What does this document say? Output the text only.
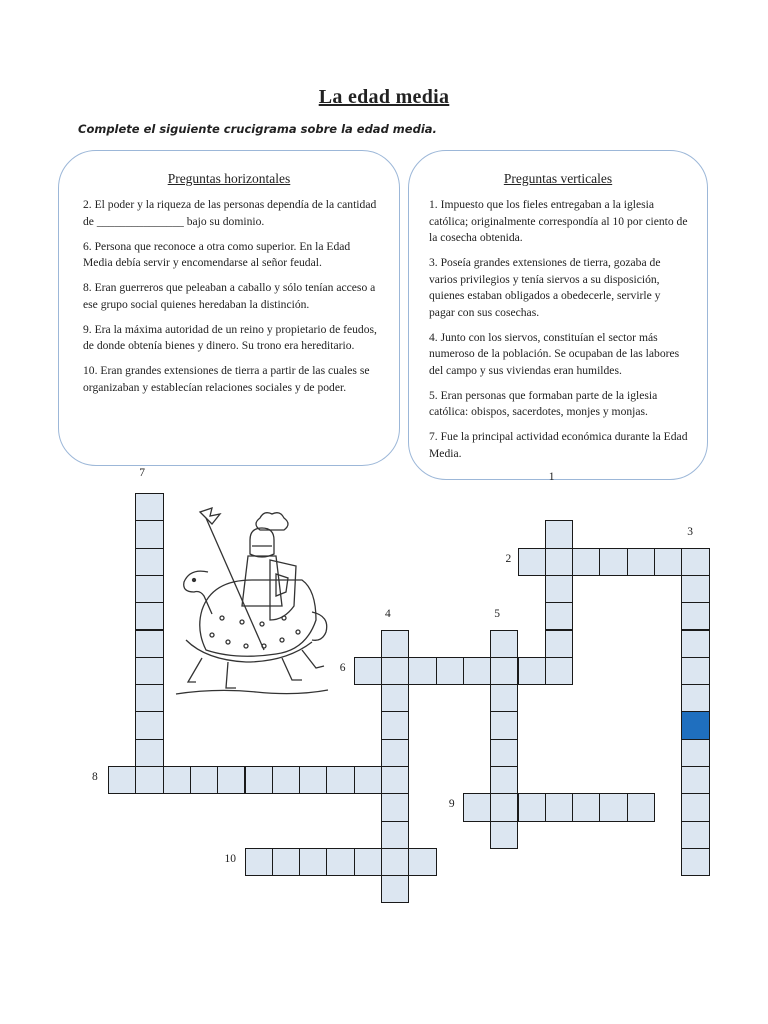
La edad media
Complete el siguiente crucigrama sobre la edad media.
Preguntas horizontales

2. El poder y la riqueza de las personas dependía de la cantidad de _______________ bajo su dominio.

6. Persona que reconoce a otra como superior. En la Edad Media debía servir y encomendarse al señor feudal.

8. Eran guerreros que peleaban a caballo y sólo tenían acceso a ese grupo social quienes heredaban la distinción.

9. Era la máxima autoridad de un reino y propietario de feudos, de donde obtenía bienes y dinero. Su trono era hereditario.

10. Eran grandes extensiones de tierra a partir de las cuales se organizaban y establecían relaciones sociales y de poder.

Preguntas verticales

1. Impuesto que los fieles entregaban a la iglesia católica; originalmente correspondía al 10 por ciento de la cosecha obtenida.

3. Poseía grandes extensiones de tierra, gozaba de varios privilegios y tenía siervos a su disposición, quienes estaban obligados a obedecerle, servirle y pagar con sus cosechas.

4. Junto con los siervos, constituían el sector más numeroso de la población. Se ocupaban de las labores del campo y sus viviendas eran humildes.

5. Eran personas que formaban parte de la iglesia católica: obispos, sacerdotes, monjes y monjas.

7. Fue la principal actividad económica durante la Edad Media.

1
2
3
4	5
6
7
8
9
10
